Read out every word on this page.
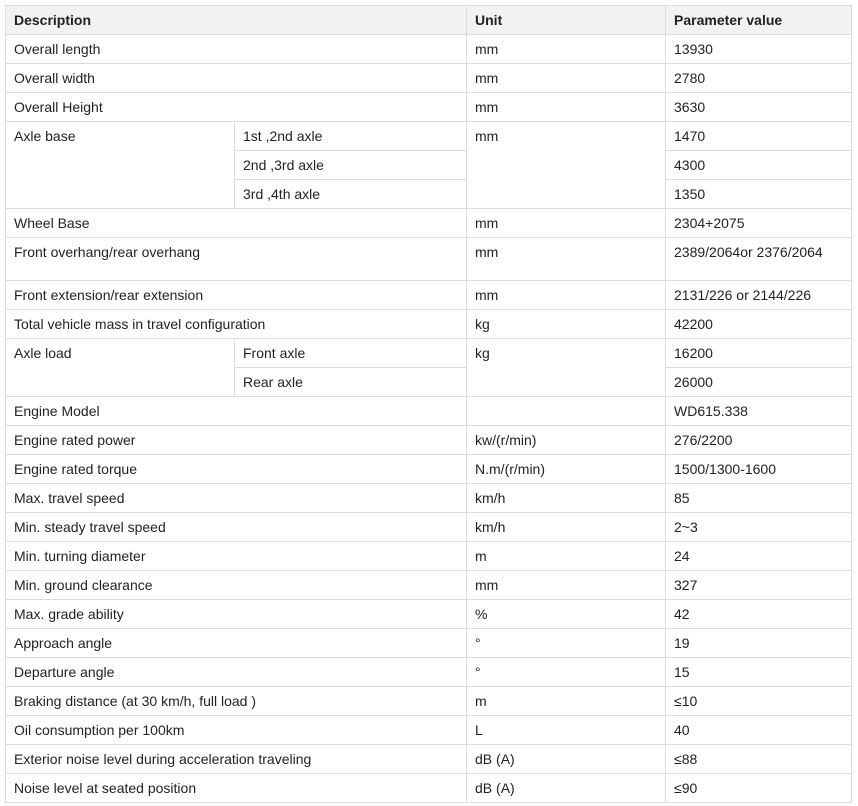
Description		Unit	Parameter value
Overall length		mm	13930
Overall width		mm	2780
Overall Height		mm	3630
Axle base	1st ,2nd axle	mm	1470
	2nd ,3rd axle		4300
	3rd ,4th axle		1350
Wheel Base		mm	2304+2075
Front overhang/rear overhang		mm	2389/2064or 2376/2064
Front extension/rear extension		mm	2131/226 or 2144/226
Total vehicle mass in travel configuration		kg	42200
Axle load	Front axle	kg	16200
	Rear axle		26000
Engine Model			WD615.338
Engine rated power		kw/(r/min)	276/2200
Engine rated torque		N.m/(r/min)	1500/1300-1600
Max. travel speed		km/h	85
Min. steady travel speed		km/h	2~3
Min. turning diameter		m	24
Min. ground clearance		mm	327
Max. grade ability		%	42
Approach angle		°	19
Departure angle		°	15
Braking distance (at 30 km/h, full load )		m	≤10
Oil consumption per 100km		L	40
Exterior noise level during acceleration traveling		dB (A)	≤88
Noise level at seated position		dB (A)	≤90
